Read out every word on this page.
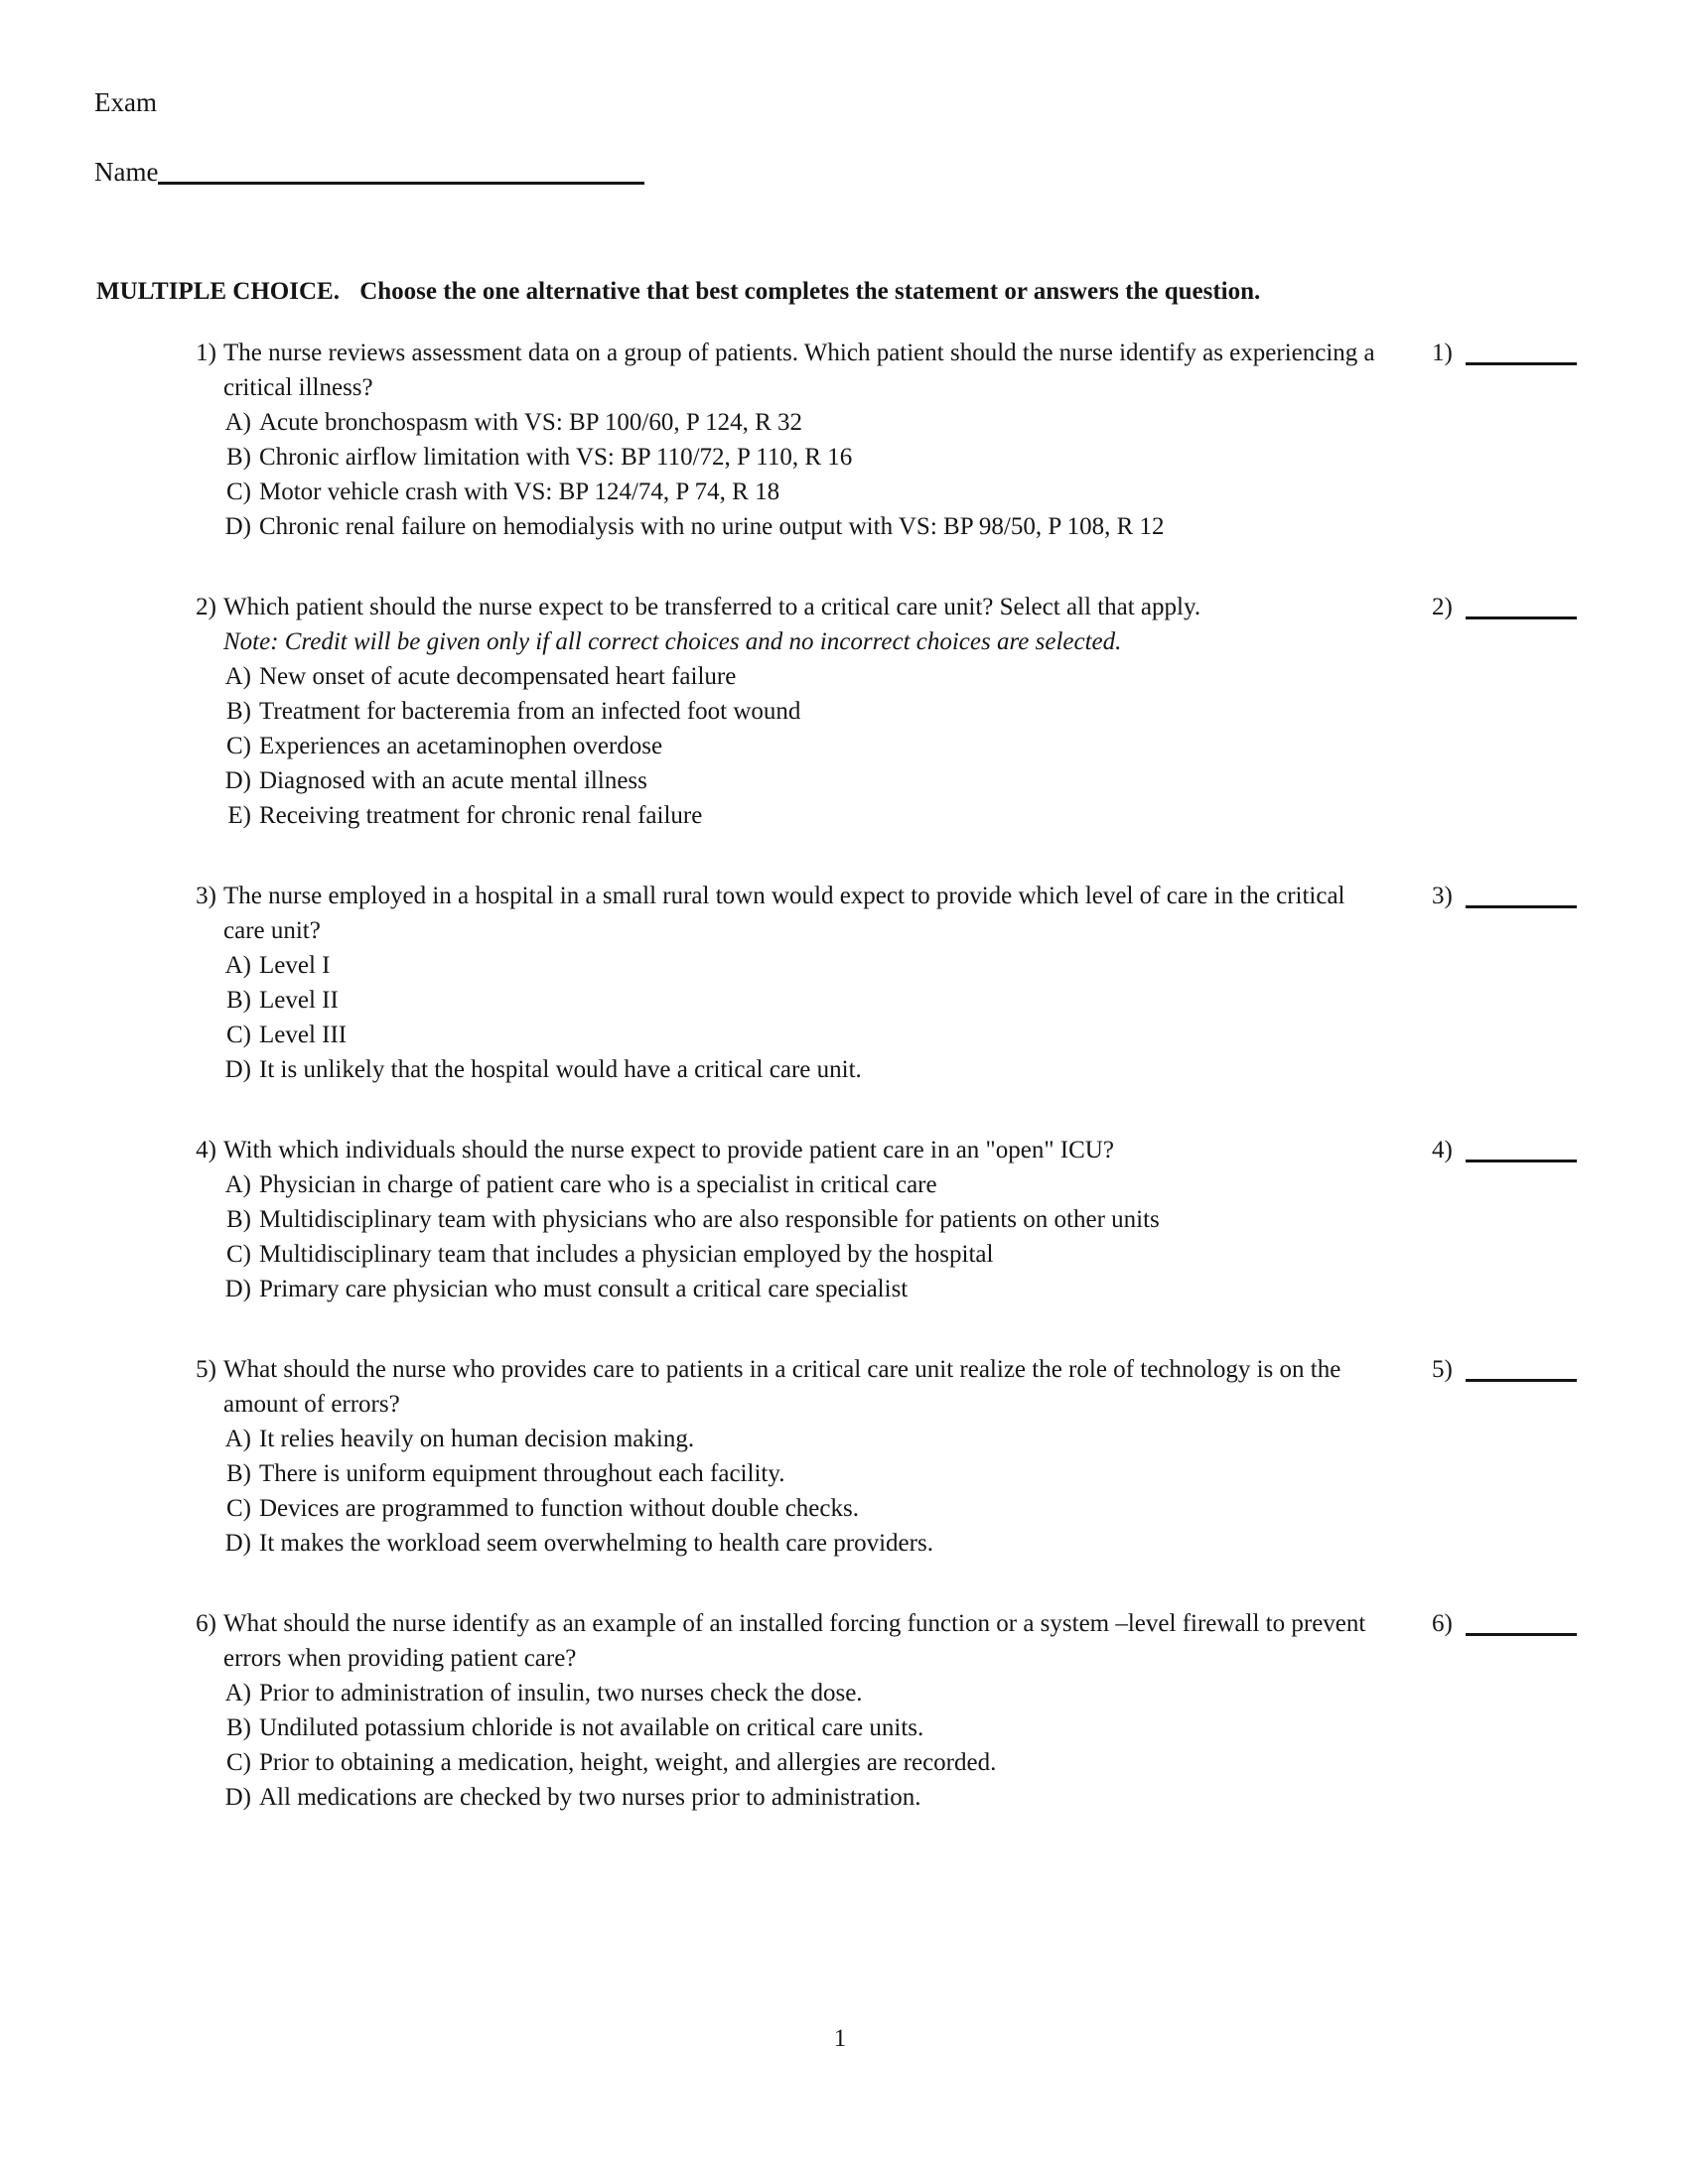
Exam
Name
MULTIPLE CHOICE. Choose the one alternative that best completes the statement or answers the question.
1) The nurse reviews assessment data on a group of patients. Which patient should the nurse identify as experiencing a critical illness?
A) Acute bronchospasm with VS: BP 100/60, P 124, R 32
B) Chronic airflow limitation with VS: BP 110/72, P 110, R 16
C) Motor vehicle crash with VS: BP 124/74, P 74, R 18
D) Chronic renal failure on hemodialysis with no urine output with VS: BP 98/50, P 108, R 12
1)
2) Which patient should the nurse expect to be transferred to a critical care unit? Select all that apply.
Note: Credit will be given only if all correct choices and no incorrect choices are selected.
A) New onset of acute decompensated heart failure
B) Treatment for bacteremia from an infected foot wound
C) Experiences an acetaminophen overdose
D) Diagnosed with an acute mental illness
E) Receiving treatment for chronic renal failure
2)
3) The nurse employed in a hospital in a small rural town would expect to provide which level of care in the critical care unit?
A) Level I
B) Level II
C) Level III
D) It is unlikely that the hospital would have a critical care unit.
3)
4) With which individuals should the nurse expect to provide patient care in an "open" ICU?
A) Physician in charge of patient care who is a specialist in critical care
B) Multidisciplinary team with physicians who are also responsible for patients on other units
C) Multidisciplinary team that includes a physician employed by the hospital
D) Primary care physician who must consult a critical care specialist
4)
5) What should the nurse who provides care to patients in a critical care unit realize the role of technology is on the amount of errors?
A) It relies heavily on human decision making.
B) There is uniform equipment throughout each facility.
C) Devices are programmed to function without double checks.
D) It makes the workload seem overwhelming to health care providers.
5)
6) What should the nurse identify as an example of an installed forcing function or a system –level firewall to prevent errors when providing patient care?
A) Prior to administration of insulin, two nurses check the dose.
B) Undiluted potassium chloride is not available on critical care units.
C) Prior to obtaining a medication, height, weight, and allergies are recorded.
D) All medications are checked by two nurses prior to administration.
6)
1
